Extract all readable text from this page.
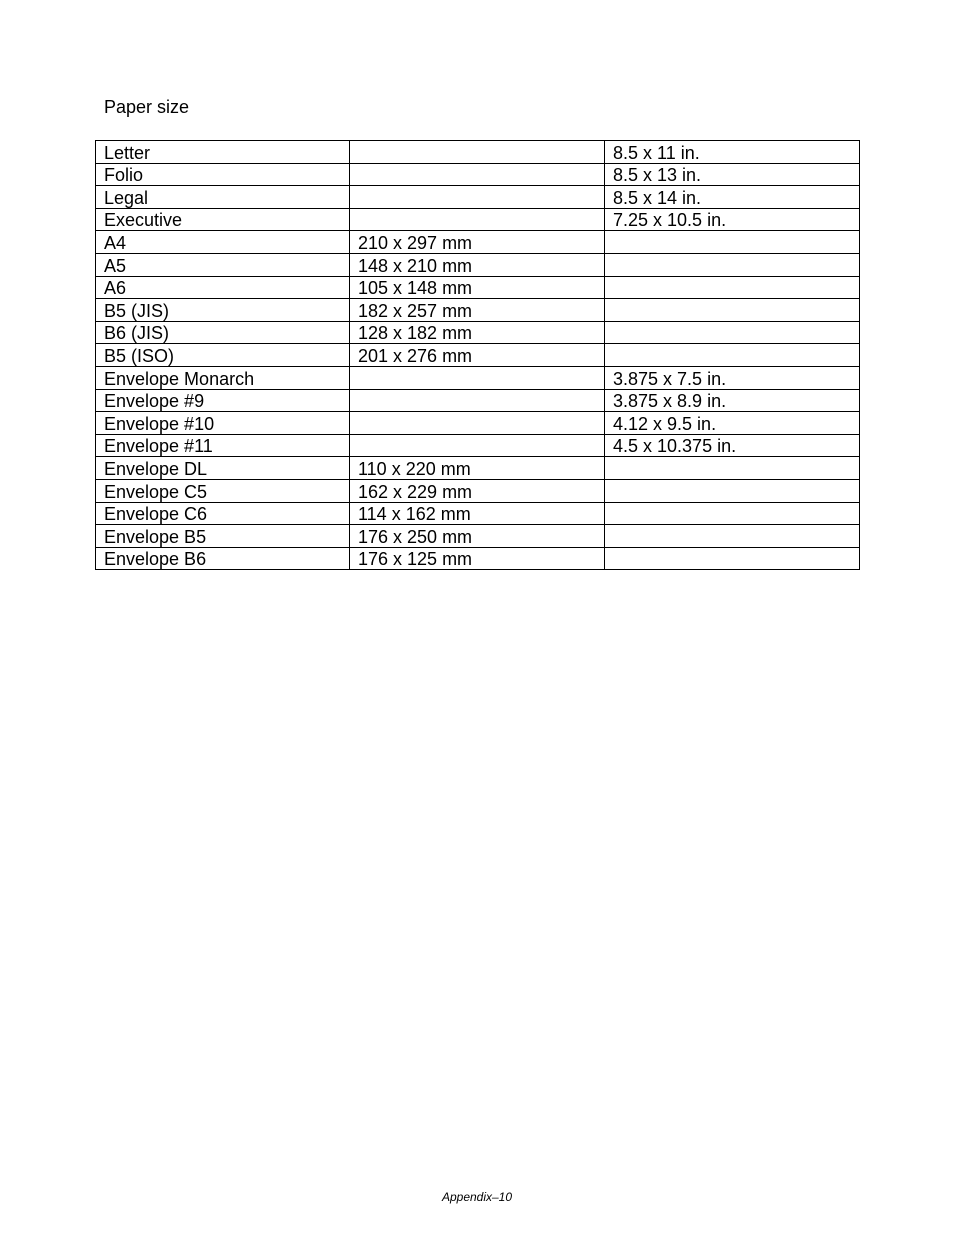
Paper size
Letter		8.5 x 11 in.
Folio		8.5 x 13 in.
Legal		8.5 x 14 in.
Executive		7.25 x 10.5 in.
A4	210 x 297 mm	
A5	148 x 210 mm	
A6	105 x 148 mm	
B5 (JIS)	182 x 257 mm	
B6 (JIS)	128 x 182 mm	
B5 (ISO)	201 x 276 mm	
Envelope Monarch		3.875 x 7.5 in.
Envelope #9		3.875 x 8.9 in.
Envelope #10		4.12 x 9.5 in.
Envelope #11		4.5 x 10.375 in.
Envelope DL	110 x 220 mm	
Envelope C5	162 x 229 mm	
Envelope C6	114 x 162 mm	
Envelope B5	176 x 250 mm	
Envelope B6	176 x 125 mm	
Appendix–10
